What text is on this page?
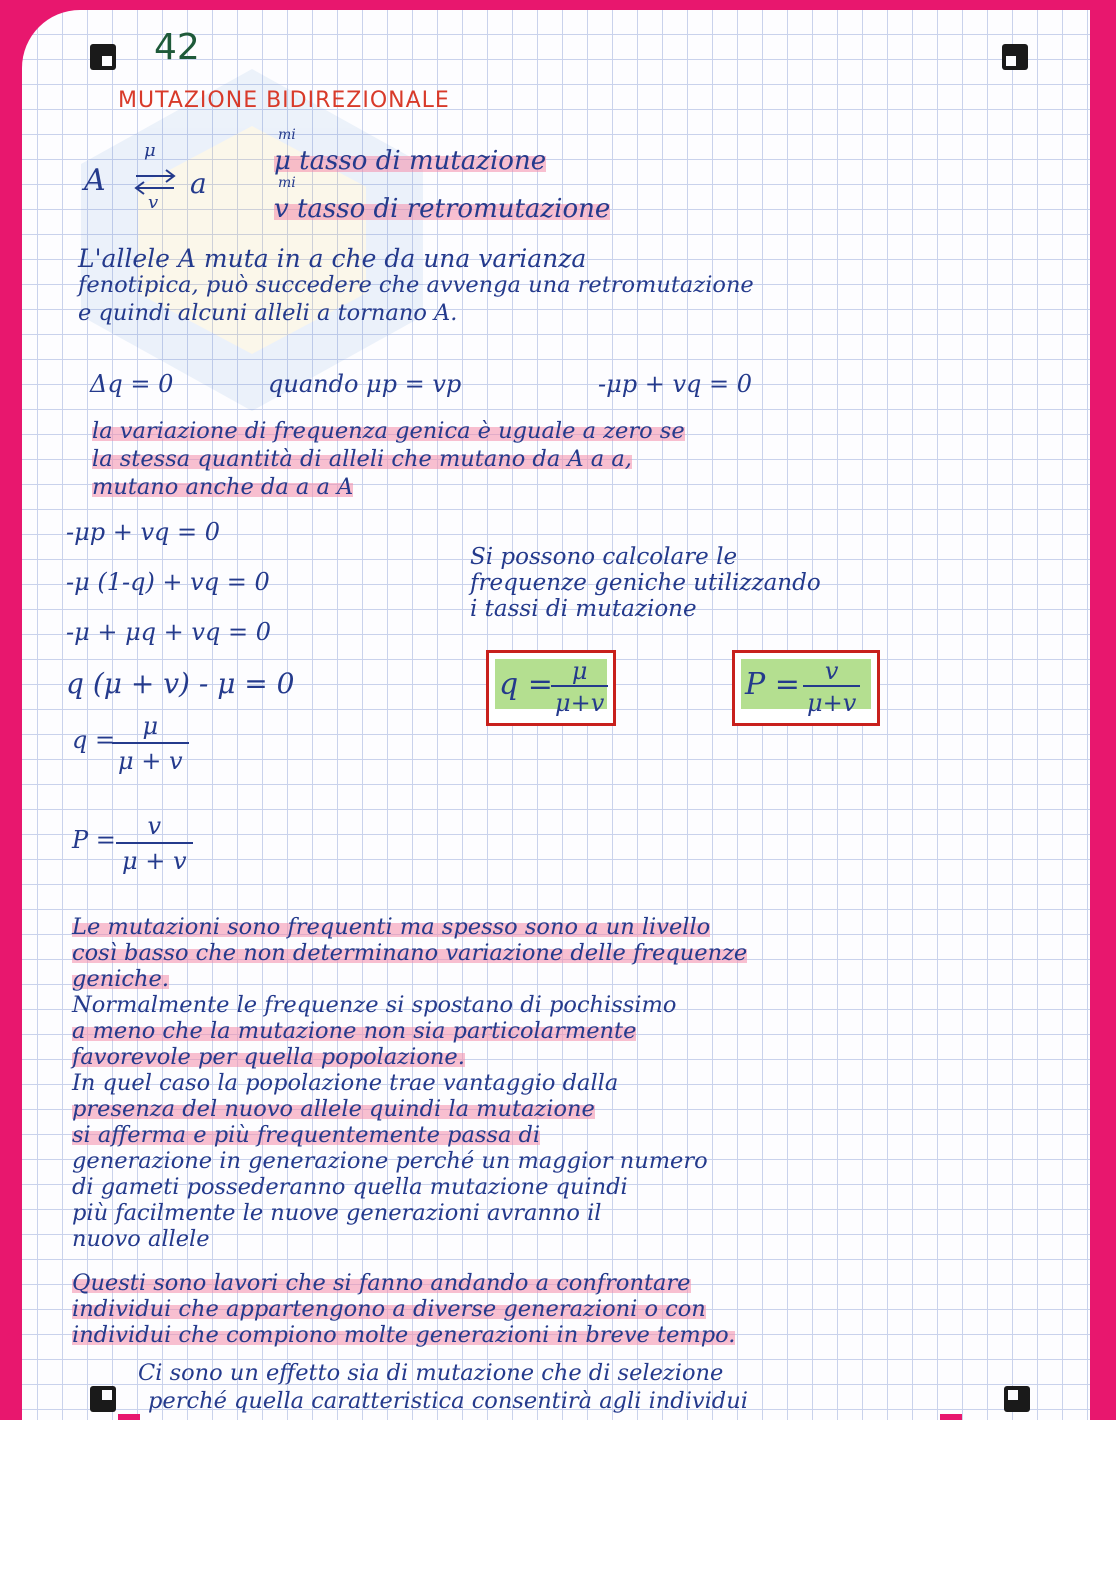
42

MUTAZIONE BIDIREZIONALE

A

μ

v

a

mi

μ tasso di mutazione

mi

v tasso di retromutazione

L'allele A muta in a che da una varianza

fenotipica, può succedere che avvenga una retromutazione

e quindi alcuni alleli a tornano A.

Δq = 0	quando μp = vp	-μp + vq = 0

la variazione di frequenza genica è uguale a zero se

la stessa quantità di alleli che mutano da A a a,

mutano anche da a a A

-μp + vq = 0

-μ (1-q) + vq = 0

-μ + μq + vq = 0

q (μ + v) - μ = 0

q =

$\frac{\mu}{\mu + v}$

$P = \frac{v}{\mu + v}$

Si possono calcolare le

frequenze geniche utilizzando

i tassi di mutazione

q =
$\frac{\mu}{\mu+v}$	$P = \frac{v}{\mu+v}$

Le mutazioni sono frequenti ma spesso sono a un livello

così basso che non determinano variazione delle frequenze

geniche.

Normalmente le frequenze si spostano di pochissimo

a meno che la mutazione non sia particolarmente

favorevole per quella popolazione.

In quel caso la popolazione trae vantaggio dalla

presenza del nuovo allele quindi la mutazione

si afferma e più frequentemente passa di

generazione in generazione perché un maggior numero

di gameti possederanno quella mutazione quindi

più facilmente le nuove generazioni avranno il

nuovo allele

Questi sono lavori che si fanno andando a confrontare

individui che appartengono a diverse generazioni o con

individui che compiono molte generazioni in breve tempo.

Ci sono un effetto sia di mutazione che di selezione

perché quella caratteristica consentirà agli individui
